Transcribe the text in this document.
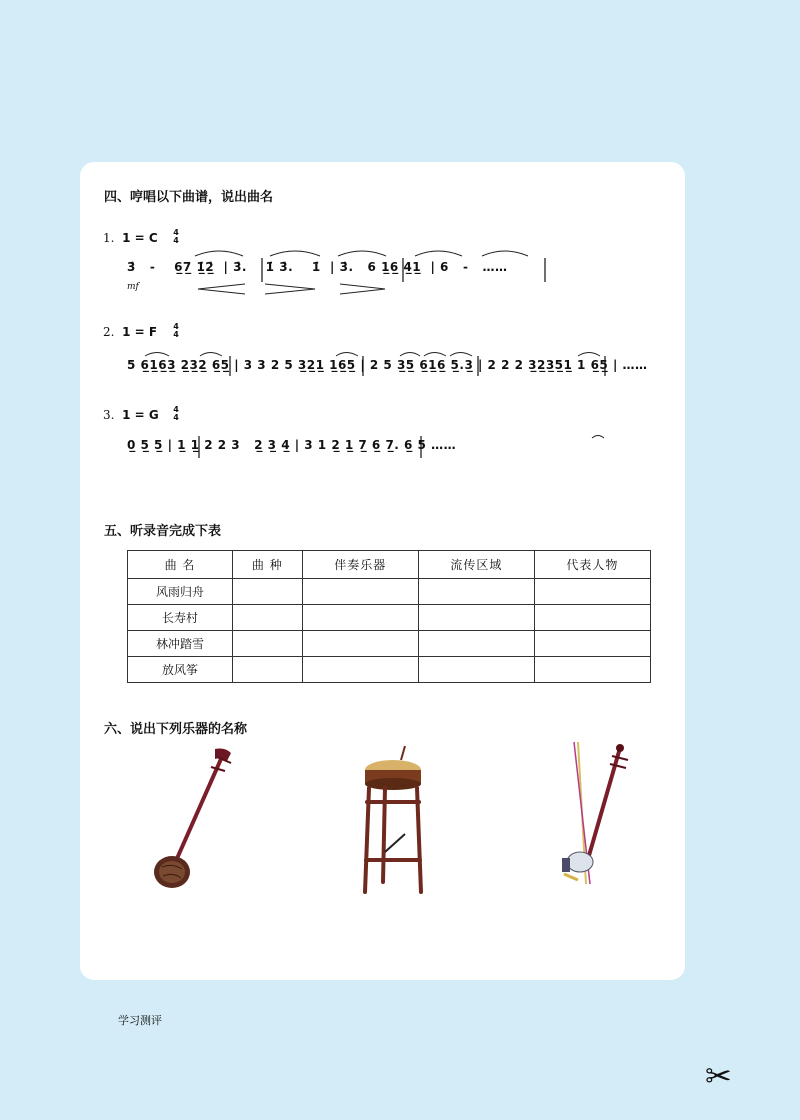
四、哼唱以下曲谱，说出曲名
1. 1 = C 4
4
3̇   -    6̲7̲ 1̲̇2̲̇  | 3̇.    1̇ 3̇.    1̇  | 3̇.   6 1̲6̲ 4̲1̲  | 6   -   ……
mf
2. 1 = F 4
4
5 6̲1̲6̲3̲ 2̲3̲2̲ 6̲5̲ | 3 3 2 5 3̲2̲1̲ 1̲6̲5̲ | 2 5 3̲5̲ 6̲1̲6̲ 5̲.3̲ | 2 2 2 3̲2̲3̲5̲1̲ 1 6̲5̲ | ……
3. 1 = G 4
4
0̲ 5̲ 5̲ | 1̲ 1̲ 2 2 3   2̲ 3̲ 4̲ | 3 1 2̲ 1̲ 7̲ 6̲ 7̲. 6̲ 5 ……
五、听录音完成下表
曲 名	曲 种	伴奏乐器	流传区域	代表人物
风雨归舟				
长寿村				
林冲踏雪				
放风筝				
六、说出下列乐器的名称
学习测评
✂
